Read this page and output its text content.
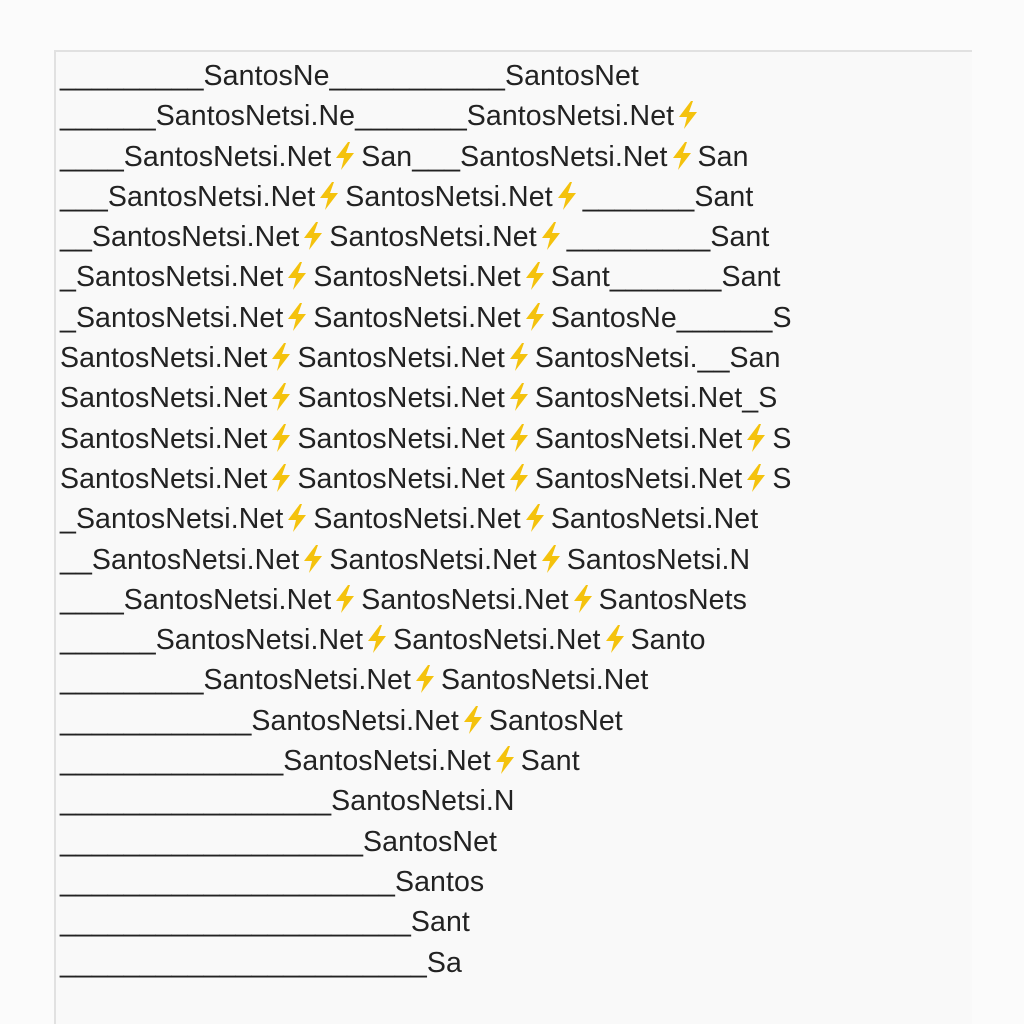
_________SantosNe___________SantosNet
______SantosNetsi.Ne_______SantosNetsi.Net
____SantosNetsi.Net San___SantosNetsi.Net San
___SantosNetsi.Net SantosNetsi.Net _______Sant
__SantosNetsi.Net SantosNetsi.Net _________Sant
_SantosNetsi.Net SantosNetsi.Net Sant_______Sant
_SantosNetsi.Net SantosNetsi.Net SantosNe______S
SantosNetsi.Net SantosNetsi.Net SantosNetsi.__San
SantosNetsi.Net SantosNetsi.Net SantosNetsi.Net_S
SantosNetsi.Net SantosNetsi.Net SantosNetsi.Net S
SantosNetsi.Net SantosNetsi.Net SantosNetsi.Net S
_SantosNetsi.Net SantosNetsi.Net SantosNetsi.Net
__SantosNetsi.Net SantosNetsi.Net SantosNetsi.N
____SantosNetsi.Net SantosNetsi.Net SantosNets
______SantosNetsi.Net SantosNetsi.Net Santo
_________SantosNetsi.Net SantosNetsi.Net
____________SantosNetsi.Net SantosNet
______________SantosNetsi.Net Sant
_________________SantosNetsi.N
___________________SantosNet
_____________________Santos
______________________Sant
_______________________Sa
